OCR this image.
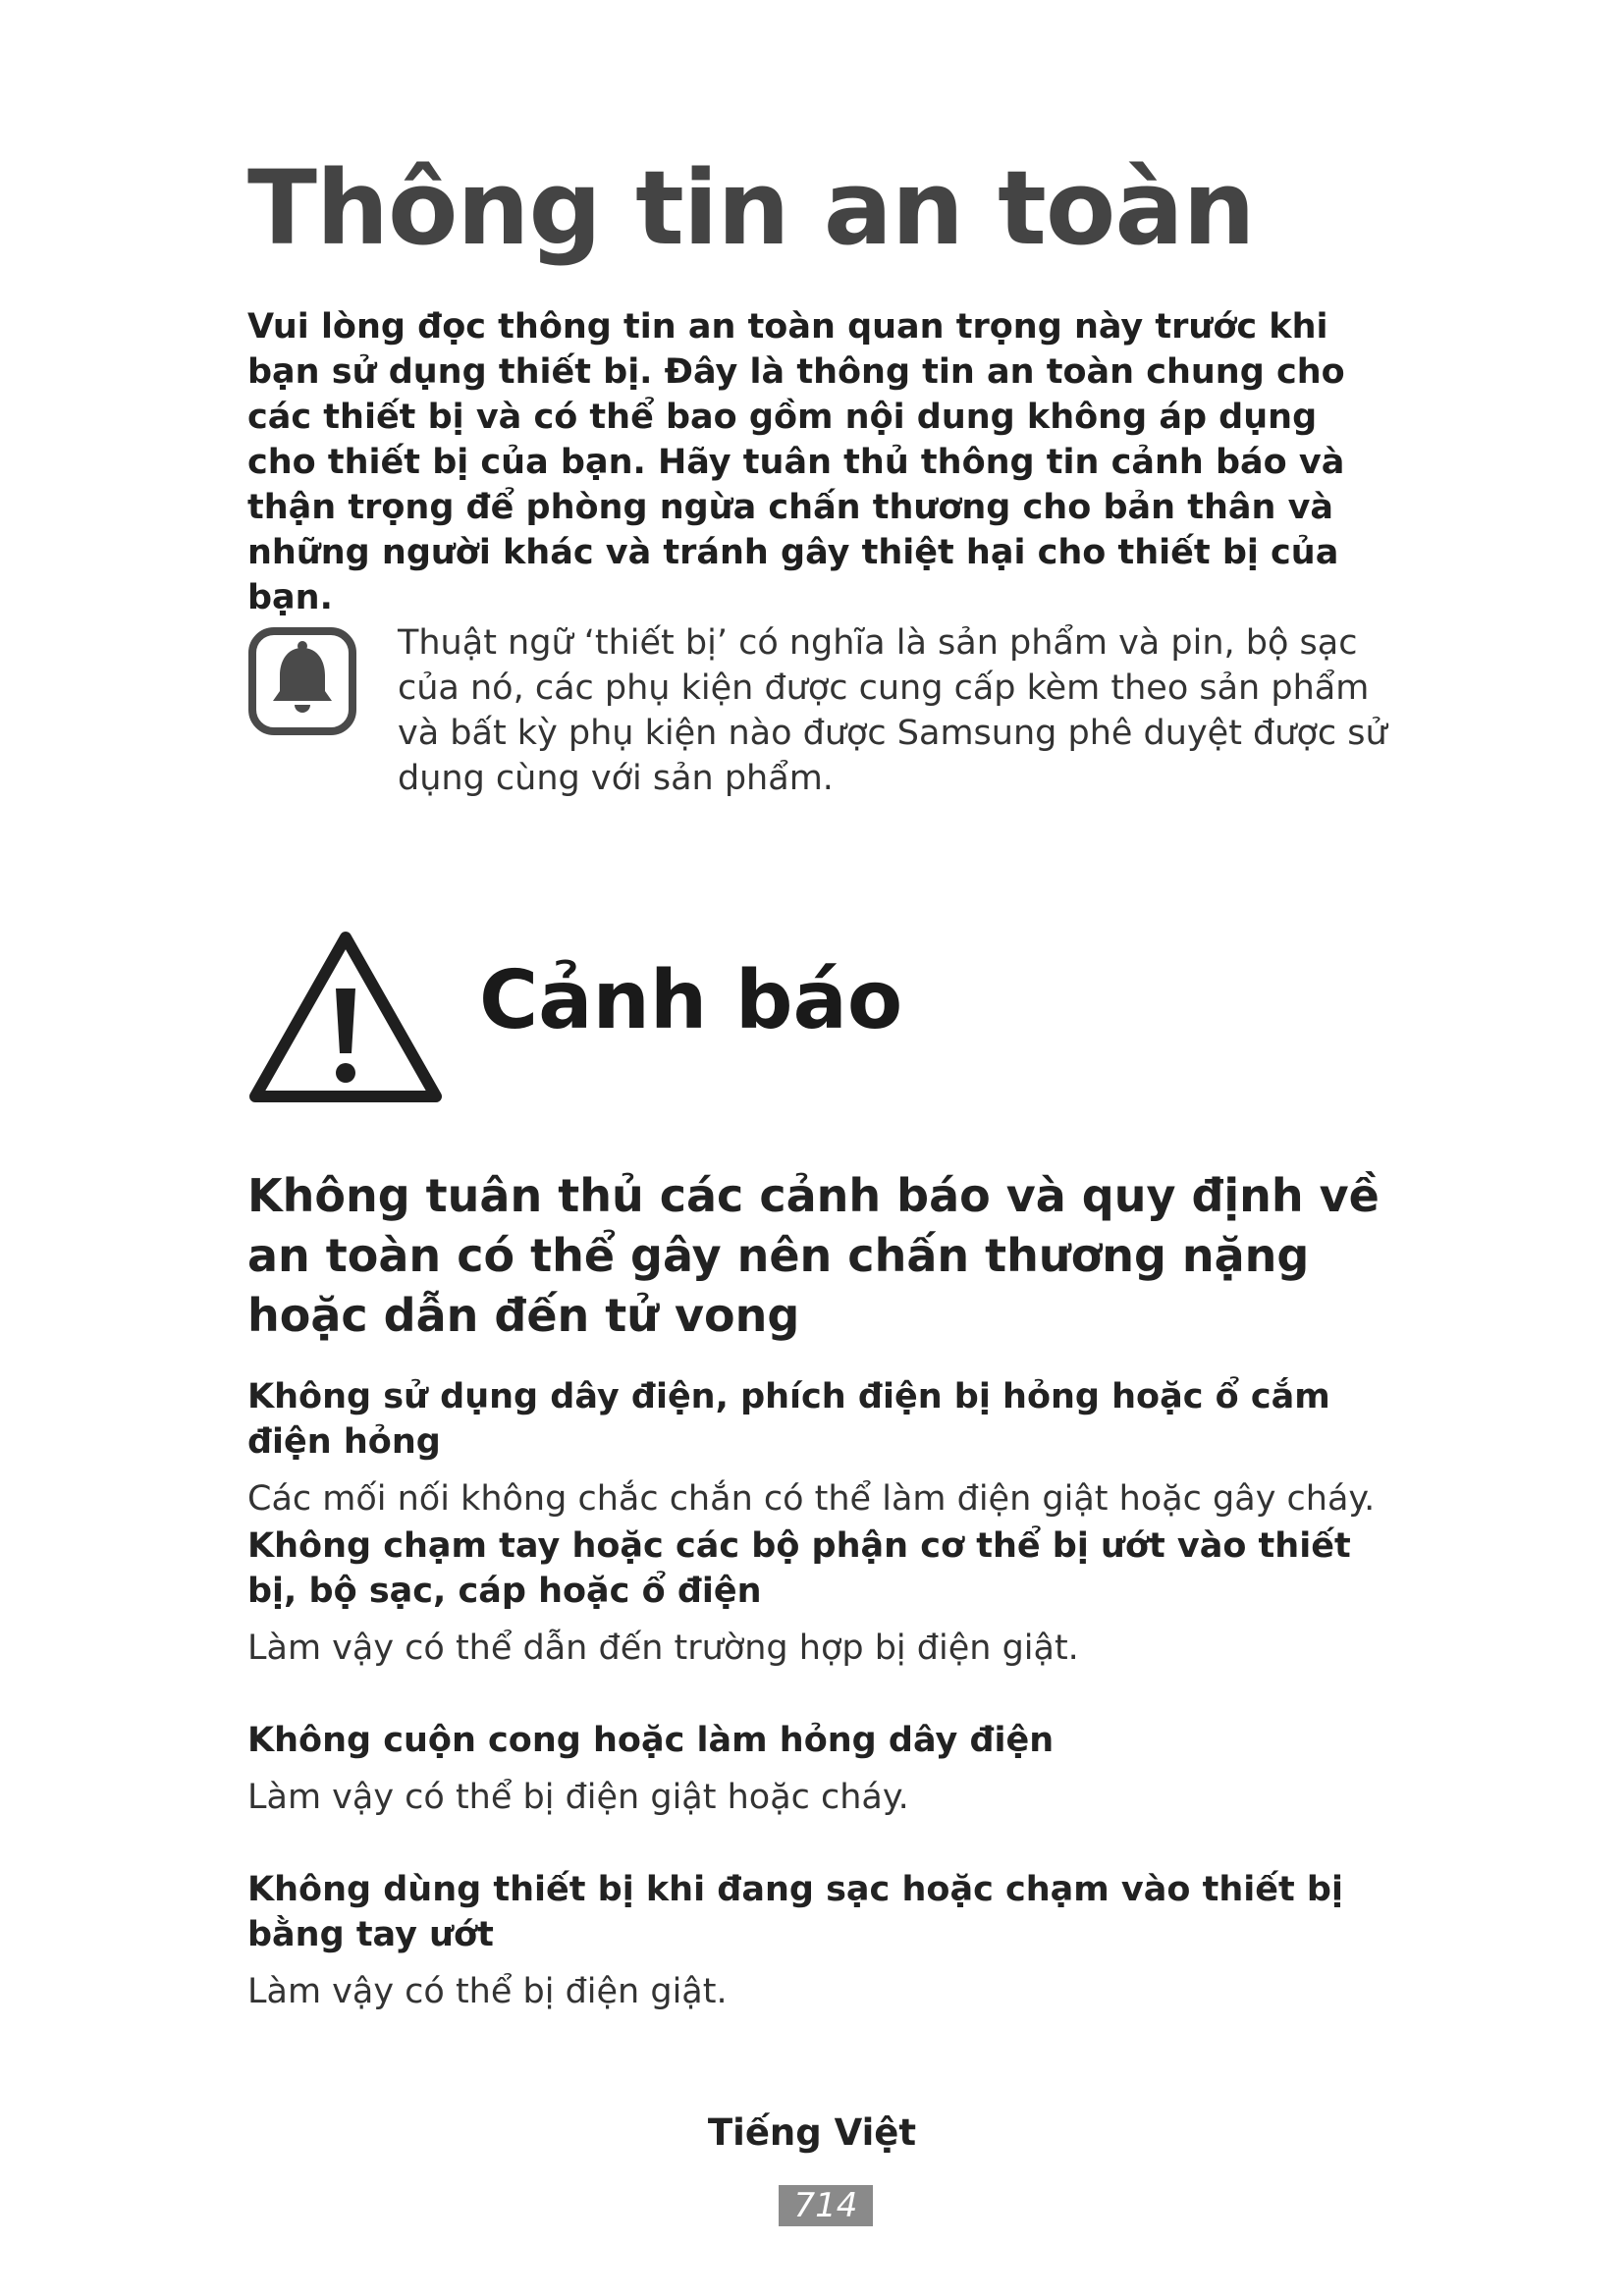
Thông tin an toàn

Vui lòng đọc thông tin an toàn quan trọng này trước khi bạn sử dụng thiết bị. Đây là thông tin an toàn chung cho các thiết bị và có thể bao gồm nội dung không áp dụng cho thiết bị của bạn. Hãy tuân thủ thông tin cảnh báo và thận trọng để phòng ngừa chấn thương cho bản thân và những người khác và tránh gây thiệt hại cho thiết bị của bạn.

Thuật ngữ ‘thiết bị’ có nghĩa là sản phẩm và pin, bộ sạc của nó, các phụ kiện được cung cấp kèm theo sản phẩm và bất kỳ phụ kiện nào được Samsung phê duyệt được sử dụng cùng với sản phẩm.

Cảnh báo
Không tuân thủ các cảnh báo và quy định về an toàn có thể gây nên chấn thương nặng hoặc dẫn đến tử vong

Không sử dụng dây điện, phích điện bị hỏng hoặc ổ cắm điện hỏng

Các mối nối không chắc chắn có thể làm điện giật hoặc gây cháy.

Không chạm tay hoặc các bộ phận cơ thể bị ướt vào thiết bị, bộ sạc, cáp hoặc ổ điện

Làm vậy có thể dẫn đến trường hợp bị điện giật.

Không cuộn cong hoặc làm hỏng dây điện

Làm vậy có thể bị điện giật hoặc cháy.

Không dùng thiết bị khi đang sạc hoặc chạm vào thiết bị bằng tay ướt

Làm vậy có thể bị điện giật.

Tiếng Việt

714
